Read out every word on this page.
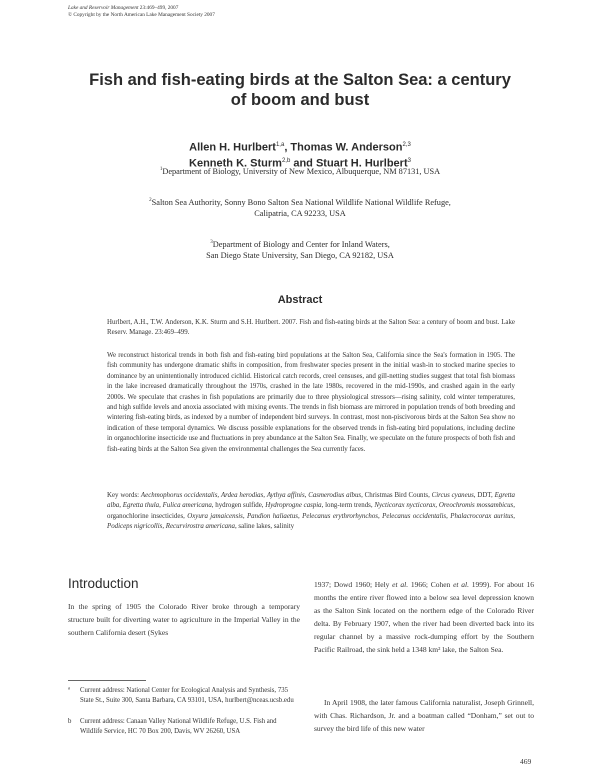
Lake and Reservoir Management 23:469–499, 2007
© Copyright by the North American Lake Management Society 2007
Fish and fish-eating birds at the Salton Sea: a century
of boom and bust
Allen H. Hurlbert$^{1,a}$, Thomas W. Anderson$^{2,3}$
Kenneth K. Sturm$^{2,b}$ and Stuart H. Hurlbert$^3$
$^1$Department of Biology, University of New Mexico, Albuquerque, NM 87131, USA
$^2$Salton Sea Authority, Sonny Bono Salton Sea National Wildlife National Wildlife Refuge,
Calipatria, CA 92233, USA
$^3$Department of Biology and Center for Inland Waters,
San Diego State University, San Diego, CA 92182, USA
Abstract
Hurlbert, A.H., T.W. Anderson, K.K. Sturm and S.H. Hurlbert. 2007. Fish and fish-eating birds at the Salton Sea: a century of boom and bust. Lake Reserv. Manage. 23:469–499.
We reconstruct historical trends in both fish and fish-eating bird populations at the Salton Sea, California since the Sea's formation in 1905. The fish community has undergone dramatic shifts in composition, from freshwater species present in the initial wash-in to stocked marine species to dominance by an unintentionally introduced cichlid. Historical catch records, creel censuses, and gill-netting studies suggest that total fish biomass in the lake increased dramatically throughout the 1970s, crashed in the late 1980s, recovered in the mid-1990s, and crashed again in the early 2000s. We speculate that crashes in fish populations are primarily due to three physiological stressors—rising salinity, cold winter temperatures, and high sulfide levels and anoxia associated with mixing events. The trends in fish biomass are mirrored in population trends of both breeding and wintering fish-eating birds, as indexed by a number of independent bird surveys. In contrast, most non-piscivorous birds at the Salton Sea show no indication of these temporal dynamics. We discuss possible explanations for the observed trends in fish-eating bird populations, including decline in organochlorine insecticide use and fluctuations in prey abundance at the Salton Sea. Finally, we speculate on the future prospects of both fish and fish-eating birds at the Salton Sea given the environmental challenges the Sea currently faces.
Key words: Aechmophorus occidentalis, Ardea herodias, Aythya affinis, Casmerodius albus, Christmas Bird Counts, Circus cyaneus, DDT, Egretta alba, Egretta thula, Fulica americana, hydrogen sulfide, Hydroprogne caspia, long-term trends, Nycticorax nycticorax, Oreochromis mossambicus, organochlorine insecticides, Oxyura jamaicensis, Pandion haliaetus, Pelecanus erythrorhynchos, Pelecanus occidentalis, Phalacrocorax auritus, Podiceps nigricollis, Recurvirostra americana, saline lakes, salinity
Introduction
In the spring of 1905 the Colorado River broke through a temporary structure built for diverting water to agriculture in the Imperial Valley in the southern California desert (Sykes
1937; Dowd 1960; Hely et al. 1966; Cohen et al. 1999). For about 16 months the entire river flowed into a below sea level depression known as the Salton Sink located on the northern edge of the Colorado River delta. By February 1907, when the river had been diverted back into its regular channel by a massive rock-dumping effort by the Southern Pacific Railroad, the sink held a 1348 km² lake, the Salton Sea.
In April 1908, the later famous California naturalist, Joseph Grinnell, with Chas. Richardson, Jr. and a boatman called “Donham,” set out to survey the bird life of this new water
ª Current address: National Center for Ecological Analysis and Synthesis, 735 State St., Suite 300, Santa Barbara, CA 93101, USA, hurlbert@nceas.ucsb.edu
b Current address: Canaan Valley National Wildlife Refuge, U.S. Fish and Wildlife Service, HC 70 Box 200, Davis, WV 26260, USA
469
